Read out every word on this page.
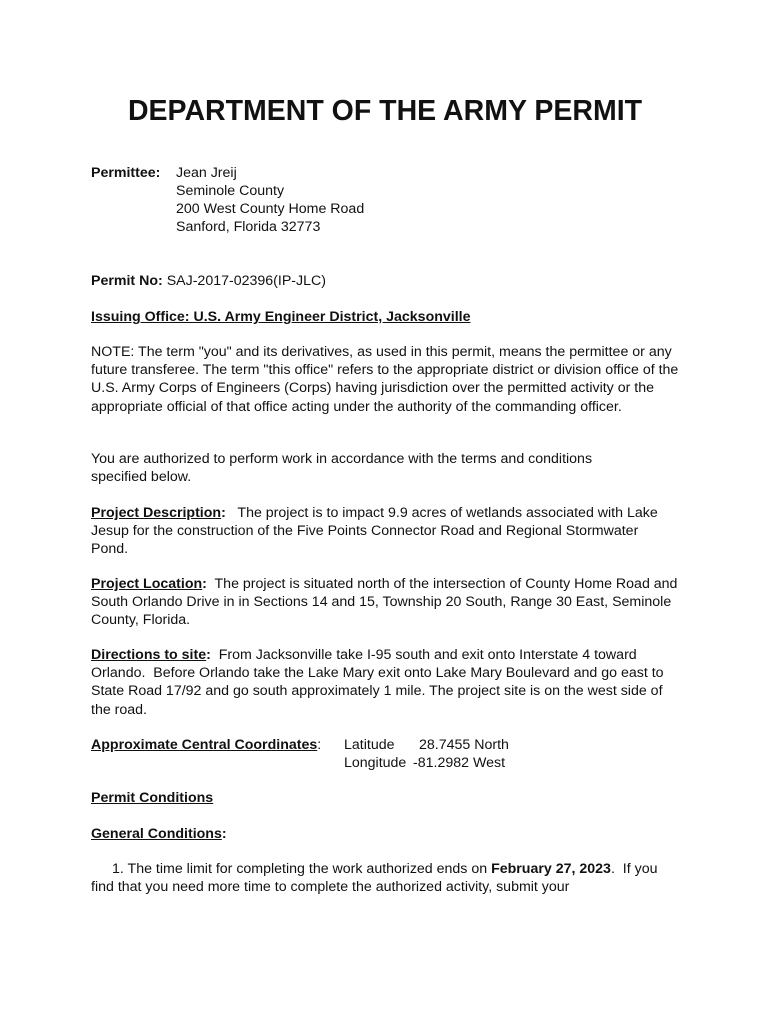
DEPARTMENT OF THE ARMY PERMIT
Permittee: Jean Jreij
Seminole County
200 West County Home Road
Sanford, Florida 32773
Permit No: SAJ-2017-02396(IP-JLC)
Issuing Office: U.S. Army Engineer District, Jacksonville

NOTE: The term "you" and its derivatives, as used in this permit, means the permittee or any future transferee. The term "this office" refers to the appropriate district or division office of the U.S. Army Corps of Engineers (Corps) having jurisdiction over the permitted activity or the appropriate official of that office acting under the authority of the commanding officer.

You are authorized to perform work in accordance with the terms and conditions specified below.

Project Description:   The project is to impact 9.9 acres of wetlands associated with Lake Jesup for the construction of the Five Points Connector Road and Regional Stormwater Pond.

Project Location:  The project is situated north of the intersection of County Home Road and South Orlando Drive in in Sections 14 and 15, Township 20 South, Range 30 East, Seminole County, Florida.

Directions to site:  From Jacksonville take I-95 south and exit onto Interstate 4 toward Orlando.  Before Orlando take the Lake Mary exit onto Lake Mary Boulevard and go east to State Road 17/92 and go south approximately 1 mile. The project site is on the west side of the road.

Approximate Central Coordinates: Latitude 28.7455 North
Longitude -81.2982 West
Permit Conditions
General Conditions:

1. The time limit for completing the work authorized ends on February 27, 2023.  If you find that you need more time to complete the authorized activity, submit your
